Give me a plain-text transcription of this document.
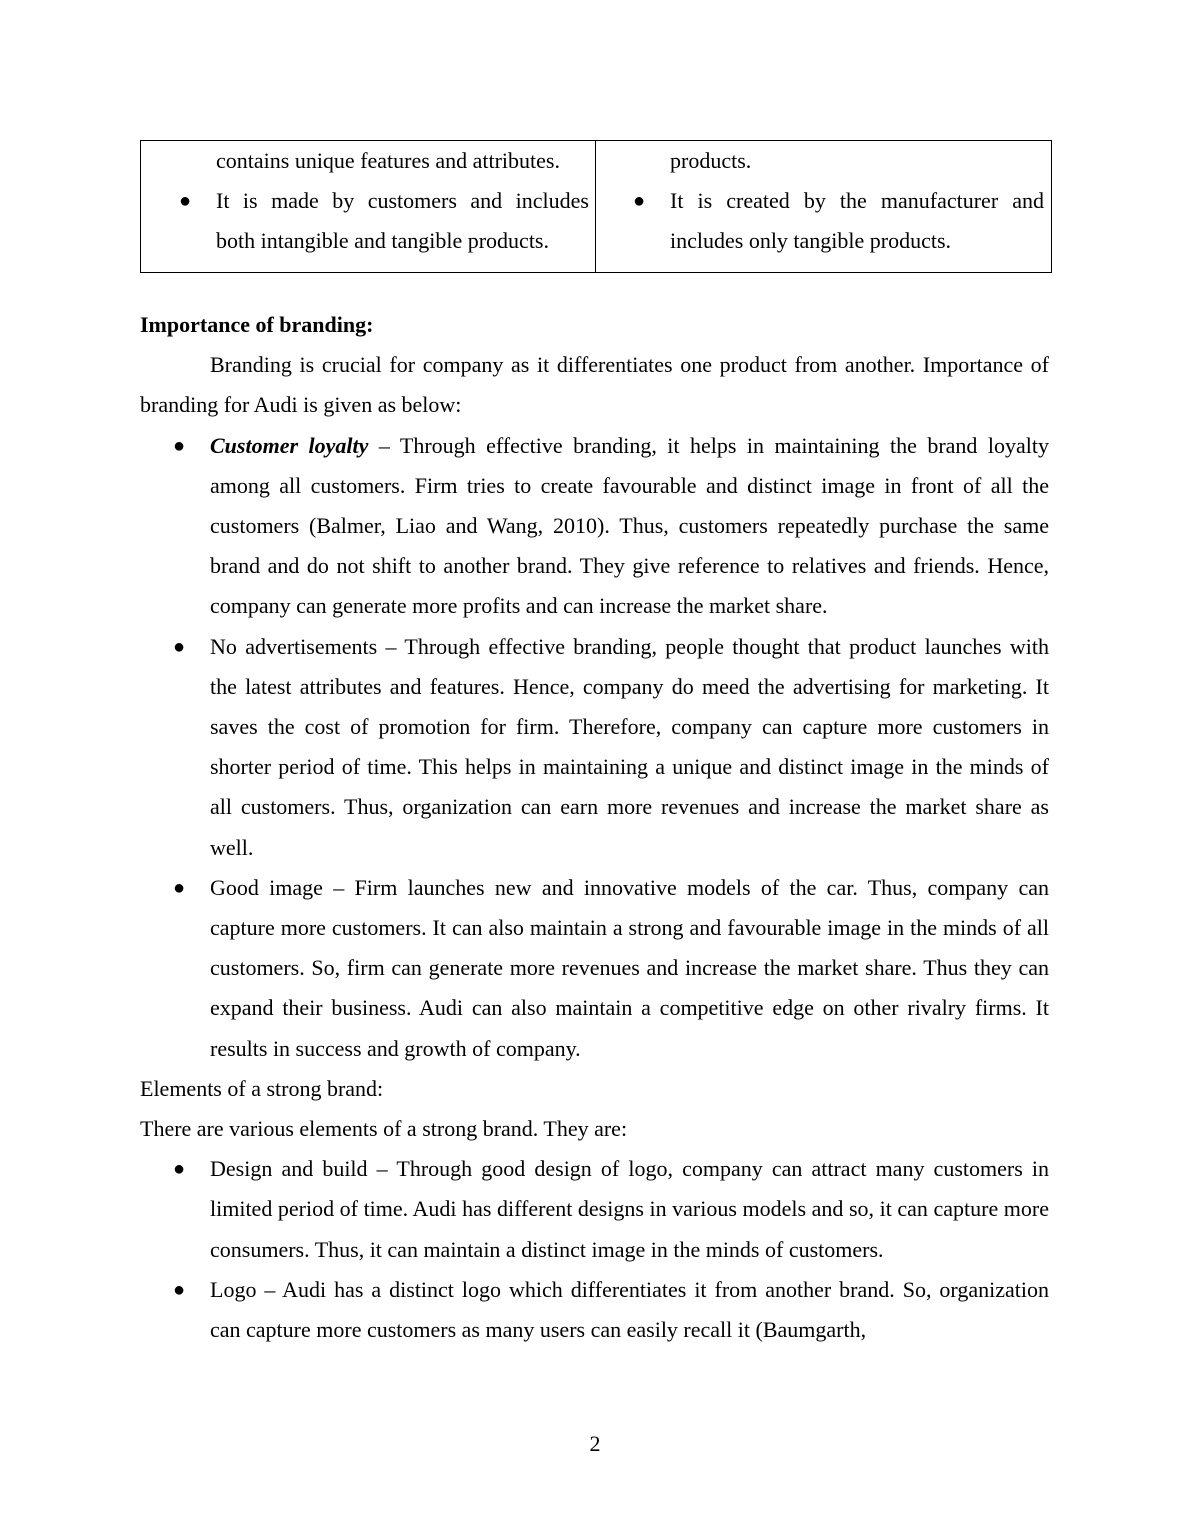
contains unique features and attributes.
● It is made by customers and includes
both intangible and tangible products.
products.
● It is created by the manufacturer and
includes only tangible products.

Importance of branding:

Branding is crucial for company as it differentiates one product from another. Importance of branding for Audi is given as below:

● Customer loyalty – Through effective branding, it helps in maintaining the brand loyalty among all customers. Firm tries to create favourable and distinct image in front of all the customers (Balmer, Liao and Wang, 2010). Thus, customers repeatedly purchase the same brand and do not shift to another brand. They give reference to relatives and friends. Hence, company can generate more profits and can increase the market share.
● No advertisements – Through effective branding, people thought that product launches with the latest attributes and features. Hence, company do meed the advertising for marketing. It saves the cost of promotion for firm. Therefore, company can capture more customers in shorter period of time. This helps in maintaining a unique and distinct image in the minds of all customers. Thus, organization can earn more revenues and increase the market share as well.
● Good image – Firm launches new and innovative models of the car. Thus, company can capture more customers. It can also maintain a strong and favourable image in the minds of all customers. So, firm can generate more revenues and increase the market share. Thus they can expand their business. Audi can also maintain a competitive edge on other rivalry firms. It results in success and growth of company.

Elements of a strong brand:

There are various elements of a strong brand. They are:

● Design and build – Through good design of logo, company can attract many customers in limited period of time. Audi has different designs in various models and so, it can capture more consumers. Thus, it can maintain a distinct image in the minds of customers.
● Logo – Audi has a distinct logo which differentiates it from another brand. So, organization can capture more customers as many users can easily recall it (Baumgarth,
2
